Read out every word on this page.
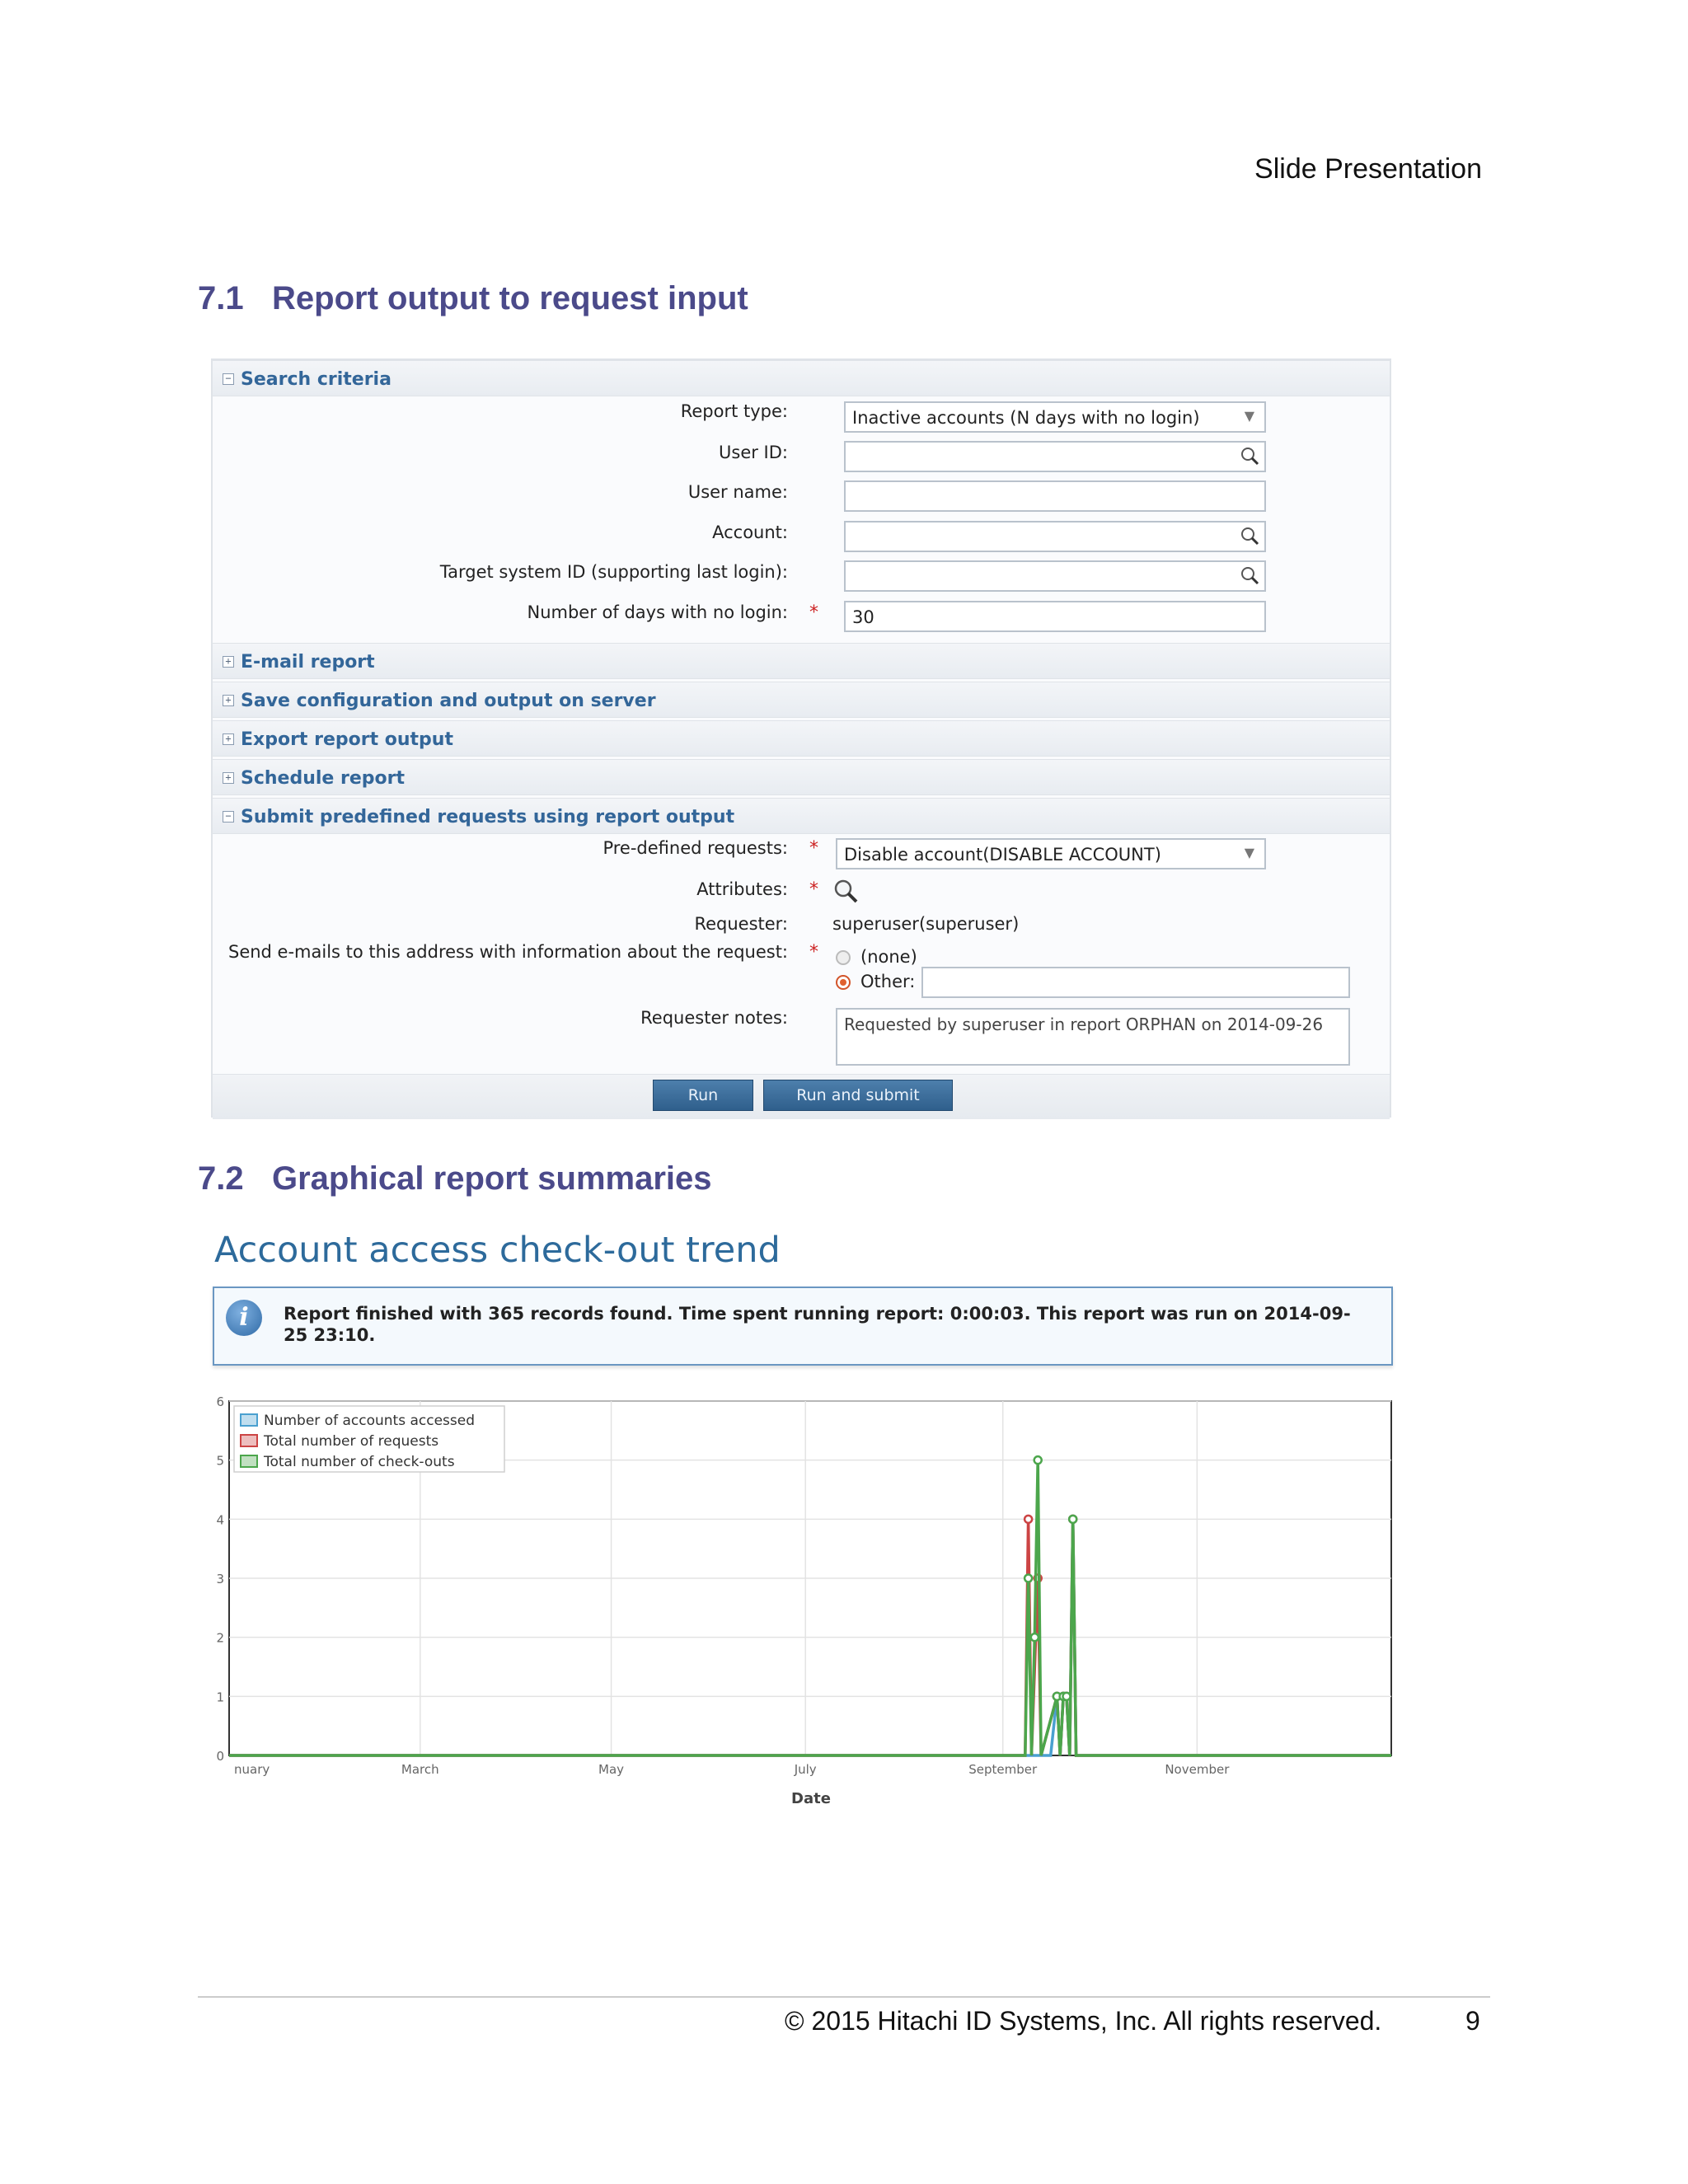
Slide Presentation
7.1 Report output to request input
− Search criteria
Report type:	Inactive accounts (N days with no login)	▼
User ID:
User name:
Account:
Target system ID (supporting last login):
Number of days with no login: *	30
+ E-mail report
+ Save configuration and output on server
+ Export report output
+ Schedule report
− Submit predefined requests using report output
Pre-defined requests: *	Disable account(DISABLE ACCOUNT)	▼
Attributes: *
Requester:	superuser(superuser)
Send e-mails to this address with information about the request: * (none)
Other:
Requester notes:	Requested by superuser in report ORPHAN on 2014-09-26
Run	Run and submit
7.2 Graphical report summaries
Account access check-out trend
i	Report finished with 365 records found. Time spent running report: 0:00:03. This report was run on 2014-09-25 23:10.
0
1
2
3
4
5
6
nuary	March	May	July	September	November
Date
Number of accounts accessed
Total number of requests
Total number of check-outs
© 2015 Hitachi ID Systems, Inc. All rights reserved.	9
